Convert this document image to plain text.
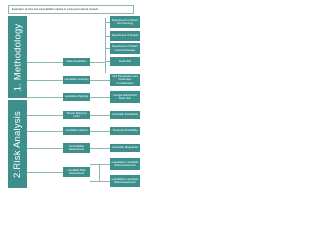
Evaluation of risks and vulnerabilities related to mining and natural hazards
1. Methodology
2.Risk Analysis
Data Acquisition
Department of Mines and Geology
Department of Roads
Department of Water Induced Disaster
Field Visit
Landslide Inventory
GIS Preparation and Parameter Consideration
Landslide Mapping	Google Earth/Field Data Visit
Terrain Mapping Units
Landslide Hazard
Vulnerability Assessment
Landslide Risk Assessment
Landslide Probability
Temporal Probability
Landslide Magnitude
Landslide's Landslide Risk Assessment
Landslide's Landslide Risk Assessment
